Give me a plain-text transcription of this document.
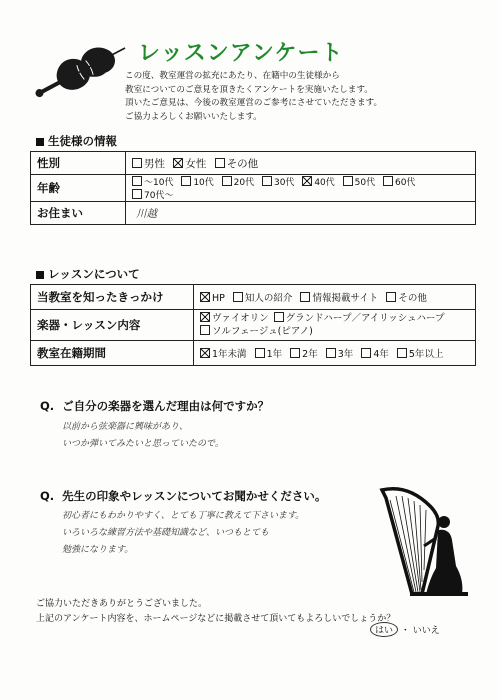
レッスンアンケート
この度、教室運営の拡充にあたり、在籍中の生徒様から
教室についてのご意見を頂きたくアンケートを実施いたします。
頂いたご意見は、今後の教室運営のご参考にさせていただきます。
ご協力よろしくお願いいたします。
生徒様の情報
性別	男性 女性 その他
年齢	～10代 10代 20代 30代 40代 50代 60代 70代～
お住まい	川越
レッスンについて
当教室を知ったきっかけ	HP 知人の紹介 情報掲載サイト その他
楽器・レッスン内容	ヴァイオリン グランドハープ／アイリッシュハープ
ソルフェージュ(ピアノ)
教室在籍期間	1年未満 1年 2年 3年 4年 5年以上
Q. ご自分の楽器を選んだ理由は何ですか？
以前から弦楽器に興味があり、
いつか弾いてみたいと思っていたので。
Q. 先生の印象やレッスンについてお聞かせください。
初心者にもわかりやすく、とても丁寧に教えて下さいます。
いろいろな練習方法や基礎知識など、いつもとても
勉強になります。
ご協力いただきありがとうございました。
上記のアンケート内容を、ホームページなどに掲載させて頂いてもよろしいでしょうか？
はい ・ いいえ
